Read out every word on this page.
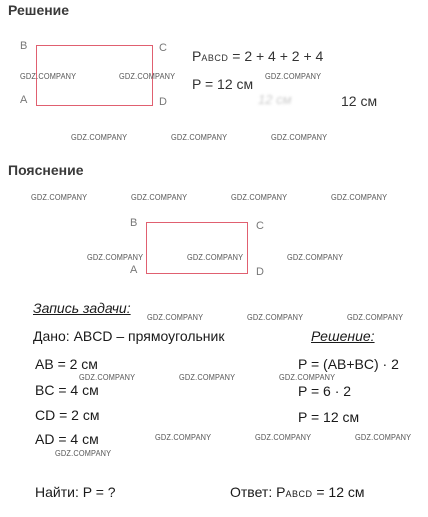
Решение
B	C
A	D
PABCD = 2 + 4 + 2 + 4
P = 12 см
12 см	12 см
Пояснение
B	C
A	D
Запись задачи:
Дано: ABCD – прямоугольник	Решение:
AB = 2 см
BC = 4 см
CD = 2 см
AD = 4 см
P = (AB+BC) · 2
P = 6 · 2
P = 12 см
Найти: P = ?	Ответ: PABCD = 12 см
GDZ.COMPANY	GDZ.COMPANY	GDZ.COMPANY
GDZ.COMPANY	GDZ.COMPANY	GDZ.COMPANY
GDZ.COMPANY	GDZ.COMPANY	GDZ.COMPANY	GDZ.COMPANY
GDZ.COMPANY	GDZ.COMPANY	GDZ.COMPANY
GDZ.COMPANY	GDZ.COMPANY	GDZ.COMPANY
GDZ.COMPANY	GDZ.COMPANY	GDZ.COMPANY
GDZ.COMPANY	GDZ.COMPANY	GDZ.COMPANY
GDZ.COMPANY
